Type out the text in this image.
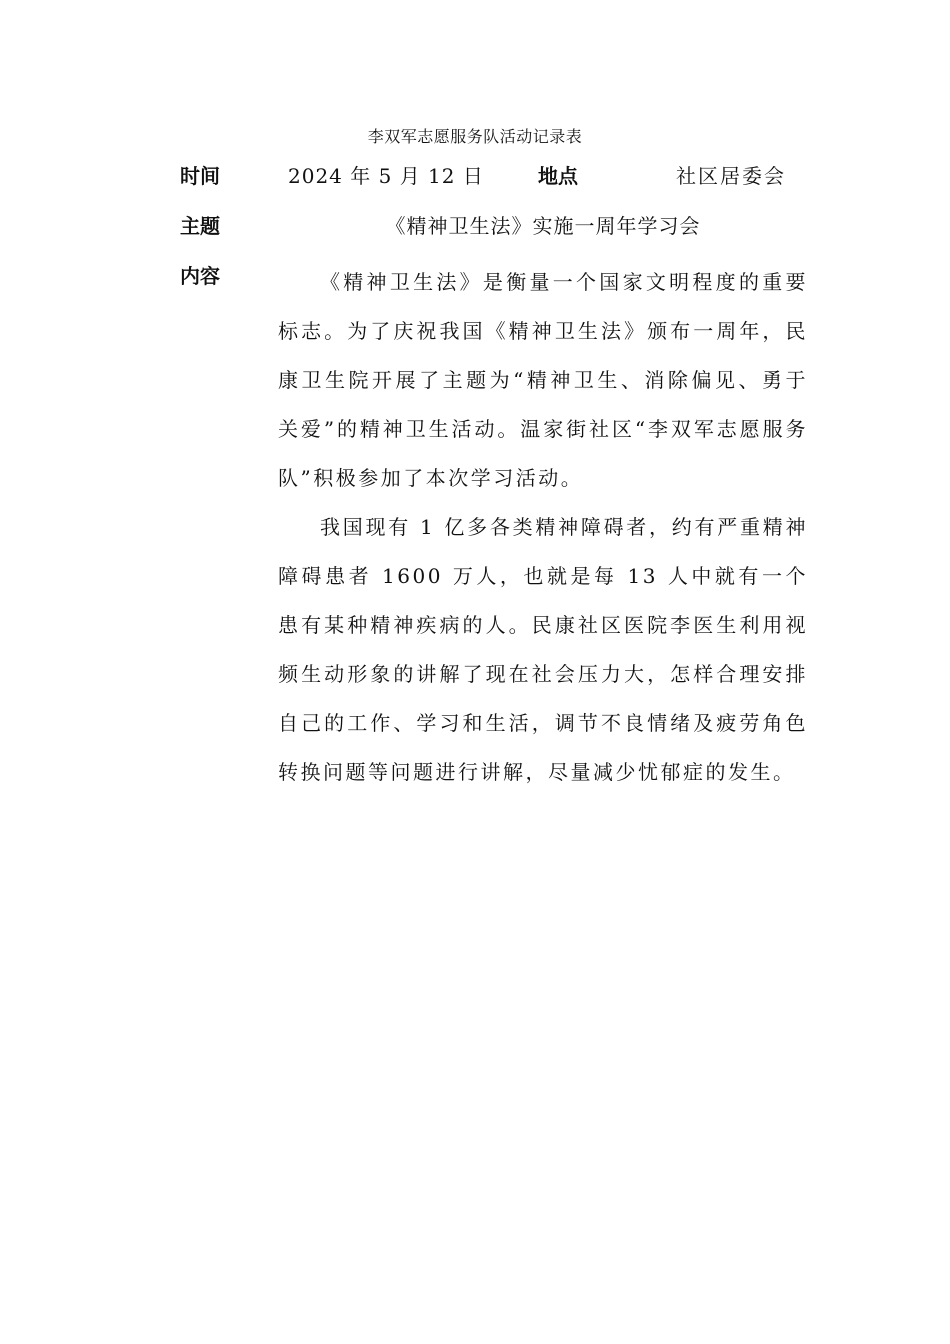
李双军志愿服务队活动记录表
时间	2024 年 5 月 12 日	地点	社区居委会
主题	《精神卫生法》实施一周年学习会
内容	《精神卫生法》是衡量一个国家文明程度的重要标志。为了庆祝我国《精神卫生法》颁布一周年，民康卫生院开展了主题为“精神卫生、消除偏见、勇于关爱”的精神卫生活动。温家街社区“李双军志愿服务队”积极参加了本次学习活动。

我国现有 1 亿多各类精神障碍者，约有严重精神障碍患者 1600 万人，也就是每 13 人中就有一个患有某种精神疾病的人。民康社区医院李医生利用视频生动形象的讲解了现在社会压力大，怎样合理安排自己的工作、学习和生活，调节不良情绪及疲劳角色转换问题等问题进行讲解，尽量减少忧郁症的发生。
